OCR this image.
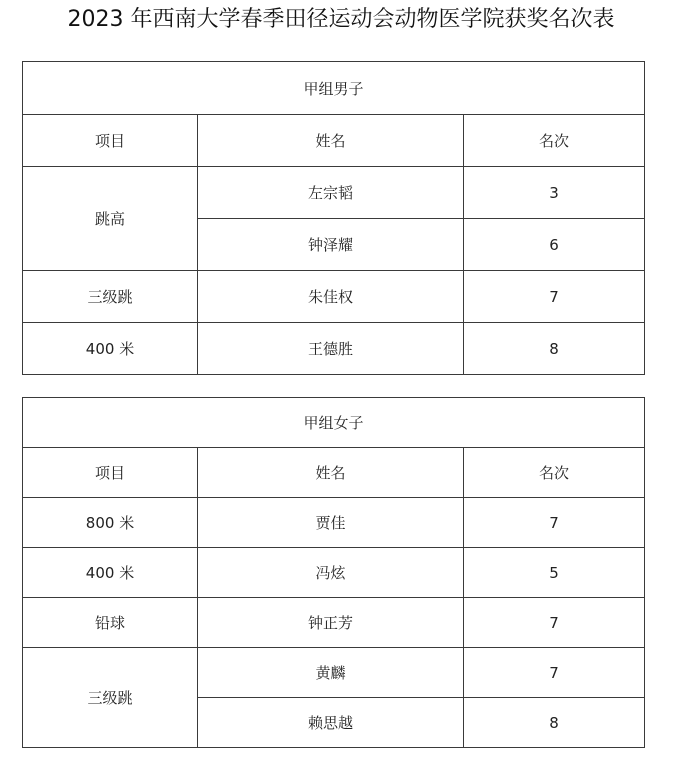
2023 年西南大学春季田径运动会动物医学院获奖名次表
甲组男子		
项目	姓名	名次
跳高	左宗韬	3
	钟泽耀	6
三级跳	朱佳权	7
400 米	王德胜	8
甲组女子		
项目	姓名	名次
800 米	贾佳	7
400 米	冯炫	5
铅球	钟正芳	7
三级跳	黄麟	7
	赖思越	8
